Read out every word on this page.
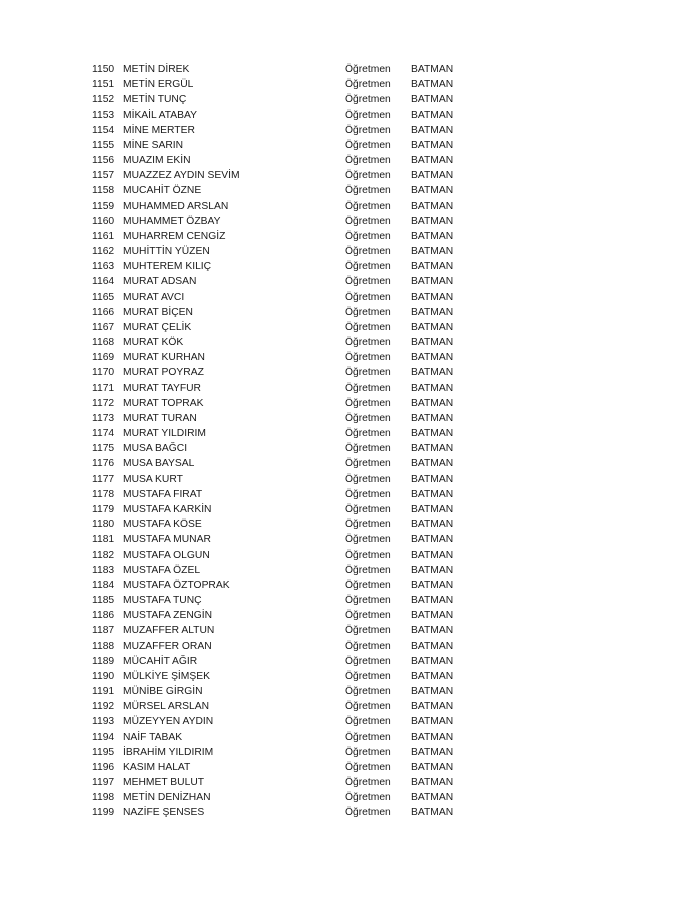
1150 METİN DİREK	Öğretmen	BATMAN
1151 METİN ERGÜL	Öğretmen	BATMAN
1152 METİN TUNÇ	Öğretmen	BATMAN
1153 MİKAİL ATABAY	Öğretmen	BATMAN
1154 MİNE MERTER	Öğretmen	BATMAN
1155 MİNE SARIN	Öğretmen	BATMAN
1156 MUAZIM EKİN	Öğretmen	BATMAN
1157 MUAZZEZ AYDIN SEVİM	Öğretmen	BATMAN
1158 MUCAHİT ÖZNE	Öğretmen	BATMAN
1159 MUHAMMED ARSLAN	Öğretmen	BATMAN
1160 MUHAMMET ÖZBAY	Öğretmen	BATMAN
1161 MUHARREM CENGİZ	Öğretmen	BATMAN
1162 MUHİTTİN YÜZEN	Öğretmen	BATMAN
1163 MUHTEREM KILIÇ	Öğretmen	BATMAN
1164 MURAT ADSAN	Öğretmen	BATMAN
1165 MURAT AVCI	Öğretmen	BATMAN
1166 MURAT BİÇEN	Öğretmen	BATMAN
1167 MURAT ÇELİK	Öğretmen	BATMAN
1168 MURAT KÖK	Öğretmen	BATMAN
1169 MURAT KURHAN	Öğretmen	BATMAN
1170 MURAT POYRAZ	Öğretmen	BATMAN
1171 MURAT TAYFUR	Öğretmen	BATMAN
1172 MURAT TOPRAK	Öğretmen	BATMAN
1173 MURAT TURAN	Öğretmen	BATMAN
1174 MURAT YILDIRIM	Öğretmen	BATMAN
1175 MUSA BAĞCI	Öğretmen	BATMAN
1176 MUSA BAYSAL	Öğretmen	BATMAN
1177 MUSA KURT	Öğretmen	BATMAN
1178 MUSTAFA FIRAT	Öğretmen	BATMAN
1179 MUSTAFA KARKİN	Öğretmen	BATMAN
1180 MUSTAFA KÖSE	Öğretmen	BATMAN
1181 MUSTAFA MUNAR	Öğretmen	BATMAN
1182 MUSTAFA OLGUN	Öğretmen	BATMAN
1183 MUSTAFA ÖZEL	Öğretmen	BATMAN
1184 MUSTAFA ÖZTOPRAK	Öğretmen	BATMAN
1185 MUSTAFA TUNÇ	Öğretmen	BATMAN
1186 MUSTAFA ZENGİN	Öğretmen	BATMAN
1187 MUZAFFER ALTUN	Öğretmen	BATMAN
1188 MUZAFFER ORAN	Öğretmen	BATMAN
1189 MÜCAHİT AĞIR	Öğretmen	BATMAN
1190 MÜLKİYE ŞİMŞEK	Öğretmen	BATMAN
1191 MÜNİBE GİRGİN	Öğretmen	BATMAN
1192 MÜRSEL ARSLAN	Öğretmen	BATMAN
1193 MÜZEYYEN AYDIN	Öğretmen	BATMAN
1194 NAİF TABAK	Öğretmen	BATMAN
1195 İBRAHİM YILDIRIM	Öğretmen	BATMAN
1196 KASIM HALAT	Öğretmen	BATMAN
1197 MEHMET BULUT	Öğretmen	BATMAN
1198 METİN DENİZHAN	Öğretmen	BATMAN
1199 NAZİFE ŞENSES	Öğretmen	BATMAN
